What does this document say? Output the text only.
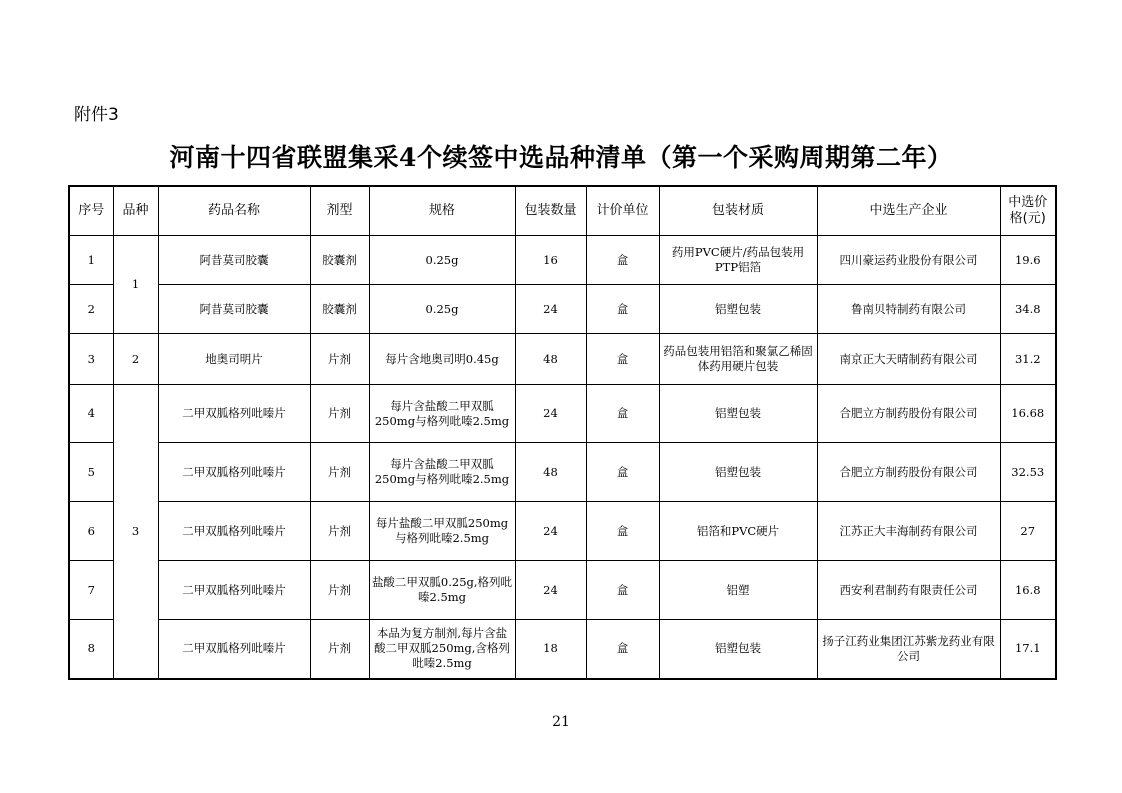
附件3
河南十四省联盟集采4个续签中选品种清单（第一个采购周期第二年）
序号	品种	药品名称	剂型	规格	包装数量	计价单位	包装材质	中选生产企业	中选价格(元)
1	1	阿昔莫司胶囊	胶囊剂	0.25g	16	盒	药用PVC硬片/药品包装用PTP铝箔	四川豪运药业股份有限公司	19.6
2		阿昔莫司胶囊	胶囊剂	0.25g	24	盒	铝塑包装	鲁南贝特制药有限公司	34.8
3	2	地奥司明片	片剂	每片含地奥司明0.45g	48	盒	药品包装用铝箔和聚氯乙稀固体药用硬片包装	南京正大天晴制药有限公司	31.2
4	3	二甲双胍格列吡嗪片	片剂	每片含盐酸二甲双胍250mg与格列吡嗪2.5mg	24	盒	铝塑包装	合肥立方制药股份有限公司	16.68
5		二甲双胍格列吡嗪片	片剂	每片含盐酸二甲双胍250mg与格列吡嗪2.5mg	48	盒	铝塑包装	合肥立方制药股份有限公司	32.53
6		二甲双胍格列吡嗪片	片剂	每片盐酸二甲双胍250mg与格列吡嗪2.5mg	24	盒	铝箔和PVC硬片	江苏正大丰海制药有限公司	27
7		二甲双胍格列吡嗪片	片剂	盐酸二甲双胍0.25g,格列吡嗪2.5mg	24	盒	铝塑	西安利君制药有限责任公司	16.8
8		二甲双胍格列吡嗪片	片剂	本品为复方制剂,每片含盐酸二甲双胍250mg,含格列吡嗪2.5mg	18	盒	铝塑包装	扬子江药业集团江苏紫龙药业有限公司	17.1
21
